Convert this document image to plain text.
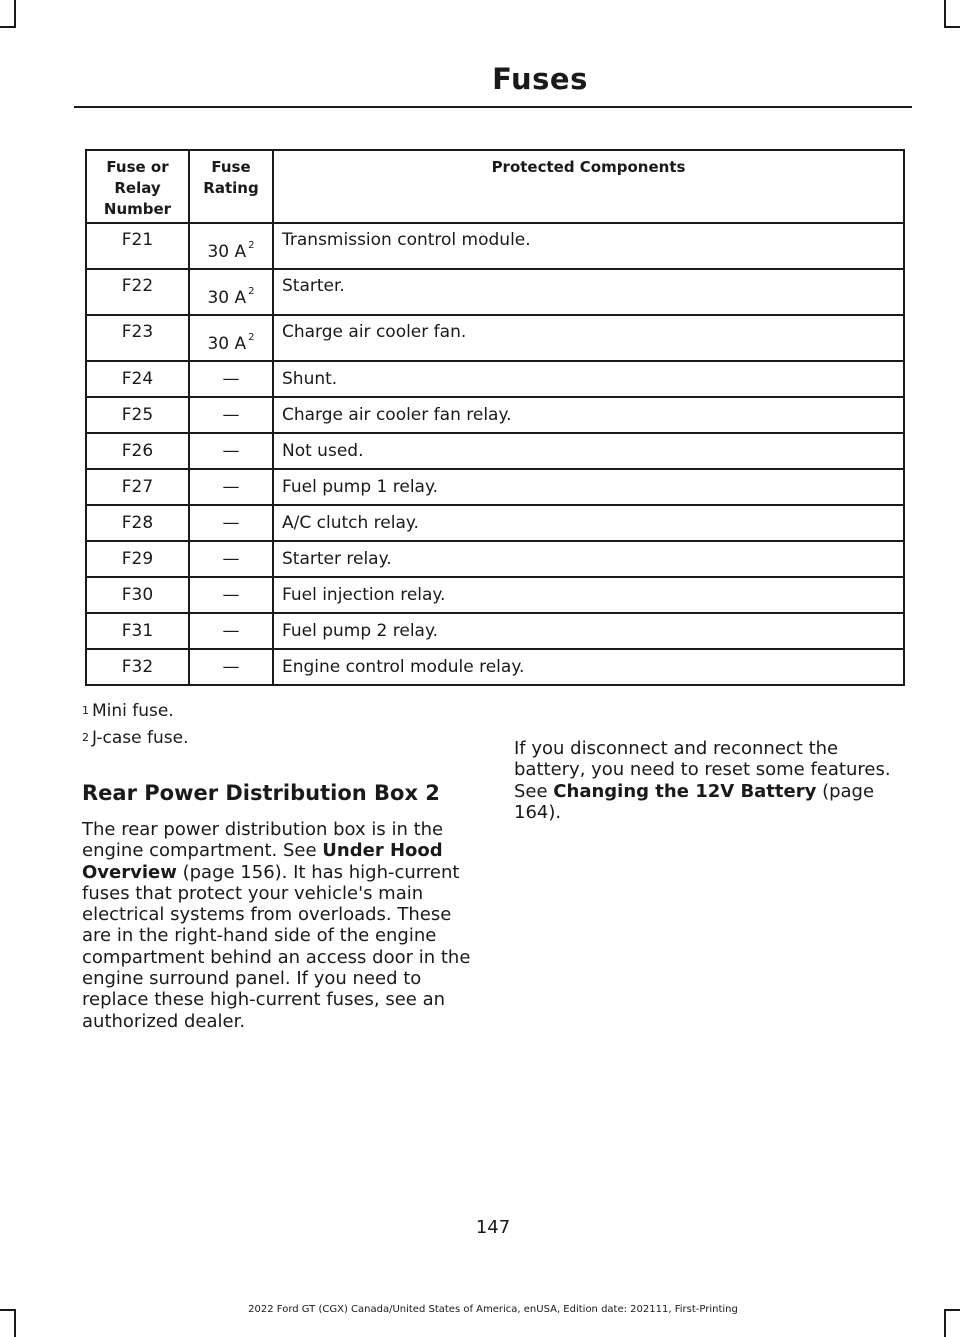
Fuses
Fuse or Relay Number	Fuse Rating	Protected Components
F21	30 A $^2$	Transmission control module.
F22	30 A $^2$	Starter.
F23	30 A $^2$	Charge air cooler fan.
F24	—	Shunt.
F25	—	Charge air cooler fan relay.
F26	—	Not used.
F27	—	Fuel pump 1 relay.
F28	—	A/C clutch relay.
F29	—	Starter relay.
F30	—	Fuel injection relay.
F31	—	Fuel pump 2 relay.
F32	—	Engine control module relay.
$^1$ Mini fuse.
$^2$ J-case fuse.
Rear Power Distribution Box 2
The rear power distribution box is in the engine compartment. See Under Hood Overview (page 156). It has high-current fuses that protect your vehicle's main electrical systems from overloads. These are in the right-hand side of the engine compartment behind an access door in the engine surround panel. If you need to replace these high-current fuses, see an authorized dealer.
If you disconnect and reconnect the battery, you need to reset some features. See Changing the 12V Battery (page 164).
147
2022 Ford GT (CGX) Canada/United States of America, enUSA, Edition date: 202111, First-Printing
